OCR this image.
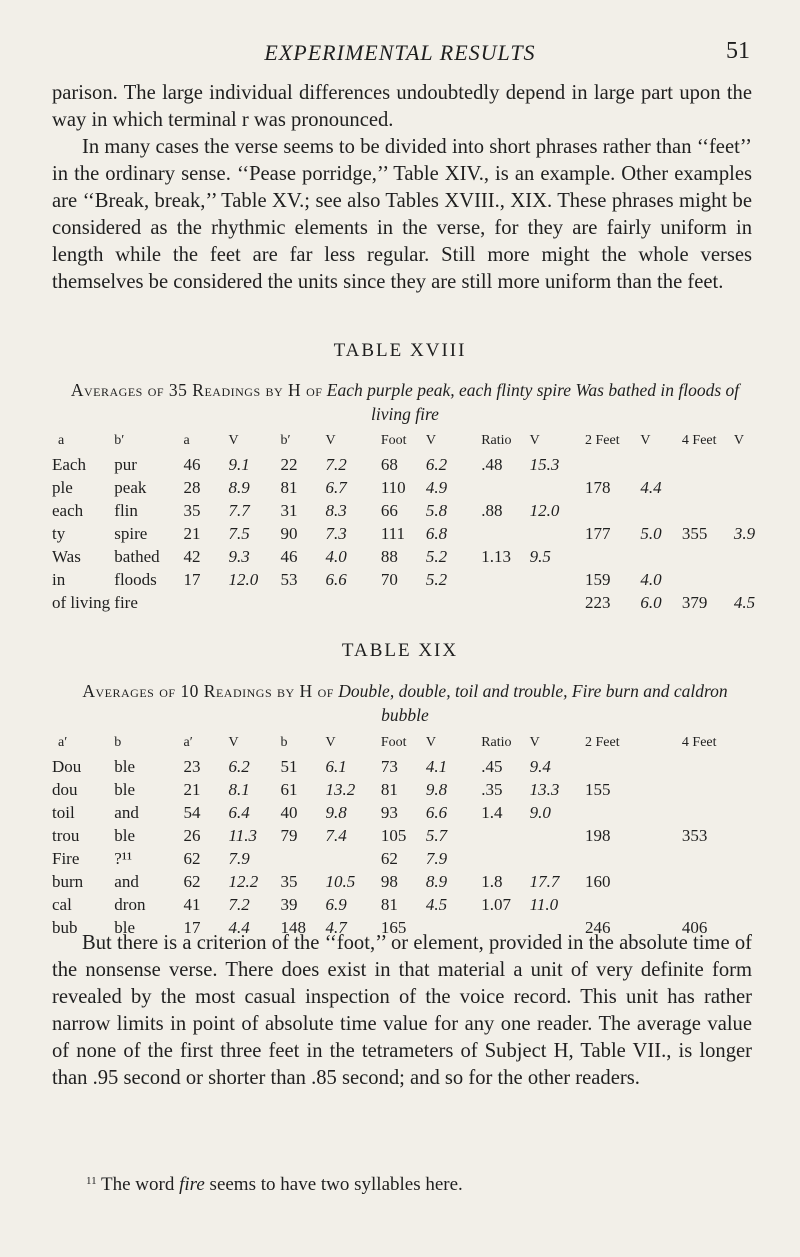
EXPERIMENTAL RESULTS	51

parison. The large individual differences undoubtedly depend in large part upon the way in which terminal r was pronounced.

In many cases the verse seems to be divided into short phrases rather than ‘‘feet’’ in the ordinary sense. ‘‘Pease porridge,’’ Table XIV., is an example. Other examples are ‘‘Break, break,’’ Table XV.; see also Tables XVIII., XIX. These phrases might be considered as the rhythmic elements in the verse, for they are fairly uniform in length while the feet are far less regular. Still more might the whole verses themselves be considered the units since they are still more uniform than the feet.

TABLE XVIII
Averages of 35 Readings by H of Each purple peak, each flinty spire Was bathed in floods of living fire
a	b′	a	V	b′	V	Foot	V	Ratio	V	2 Feet	V	4 Feet	V
Each	pur	46	9.1	22	7.2	68	6.2	.48	15.3				
ple	peak	28	8.9	81	6.7	110	4.9			178	4.4		
each	flin	35	7.7	31	8.3	66	5.8	.88	12.0				
ty	spire	21	7.5	90	7.3	111	6.8			177	5.0	355	3.9
Was	bathed	42	9.3	46	4.0	88	5.2	1.13	9.5				
in	floods	17	12.0	53	6.6	70	5.2			159	4.0		
of living	fire									223	6.0	379	4.5
TABLE XIX
Averages of 10 Readings by H of Double, double, toil and trouble, Fire burn and caldron bubble
a′	b	a′	V	b	V	Foot	V	Ratio	V	2 Feet		4 Feet	
Dou	ble	23	6.2	51	6.1	73	4.1	.45	9.4				
dou	ble	21	8.1	61	13.2	81	9.8	.35	13.3	155			
toil	and	54	6.4	40	9.8	93	6.6	1.4	9.0				
trou	ble	26	11.3	79	7.4	105	5.7			198		353	
Fire	?¹¹	62	7.9			62	7.9						
burn	and	62	12.2	35	10.5	98	8.9	1.8	17.7	160			
cal	dron	41	7.2	39	6.9	81	4.5	1.07	11.0				
bub	ble	17	4.4	148	4.7	165				246		406	

But there is a criterion of the ‘‘foot,’’ or element, provided in the absolute time of the nonsense verse. There does exist in that material a unit of very definite form revealed by the most casual inspection of the voice record. This unit has rather narrow limits in point of absolute time value for any one reader. The average value of none of the first three feet in the tetrameters of Subject H, Table VII., is longer than .95 second or shorter than .85 second; and so for the other readers.

$^{11}$ The word fire seems to have two syllables here.
